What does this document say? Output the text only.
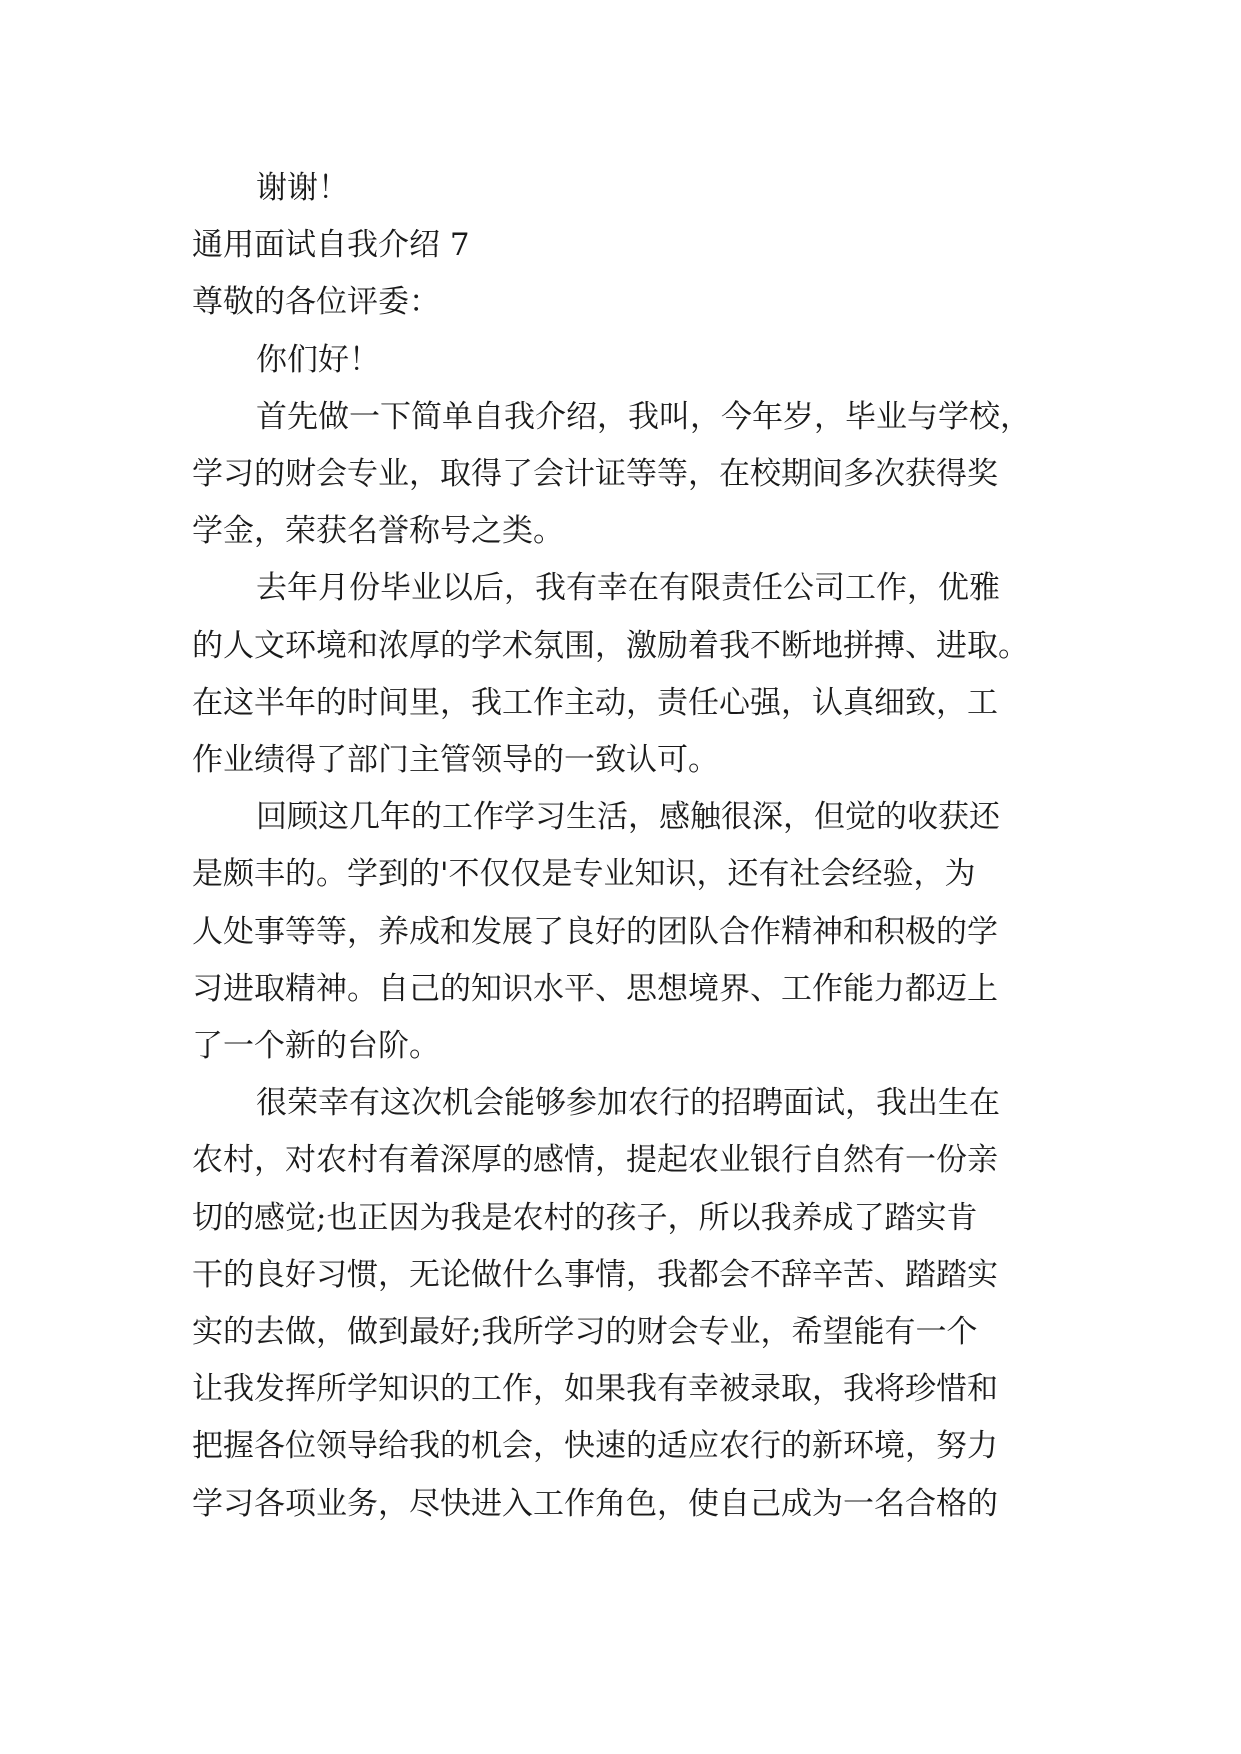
谢谢！
通用面试自我介绍 7
尊敬的各位评委：
你们好！
首先做一下简单自我介绍，我叫，今年岁，毕业与学校，
学习的财会专业，取得了会计证等等，在校期间多次获得奖
学金，荣获名誉称号之类。
去年月份毕业以后，我有幸在有限责任公司工作，优雅
的人文环境和浓厚的学术氛围，激励着我不断地拼搏、进取。
在这半年的时间里，我工作主动，责任心强，认真细致，工
作业绩得了部门主管领导的一致认可。
回顾这几年的工作学习生活，感触很深，但觉的收获还
是颇丰的。学到的'不仅仅是专业知识，还有社会经验，为
人处事等等，养成和发展了良好的团队合作精神和积极的学
习进取精神。自己的知识水平、思想境界、工作能力都迈上
了一个新的台阶。
很荣幸有这次机会能够参加农行的招聘面试，我出生在
农村，对农村有着深厚的感情，提起农业银行自然有一份亲
切的感觉;也正因为我是农村的孩子，所以我养成了踏实肯
干的良好习惯，无论做什么事情，我都会不辞辛苦、踏踏实
实的去做，做到最好;我所学习的财会专业，希望能有一个
让我发挥所学知识的工作，如果我有幸被录取，我将珍惜和
把握各位领导给我的机会，快速的适应农行的新环境，努力
学习各项业务，尽快进入工作角色，使自己成为一名合格的
